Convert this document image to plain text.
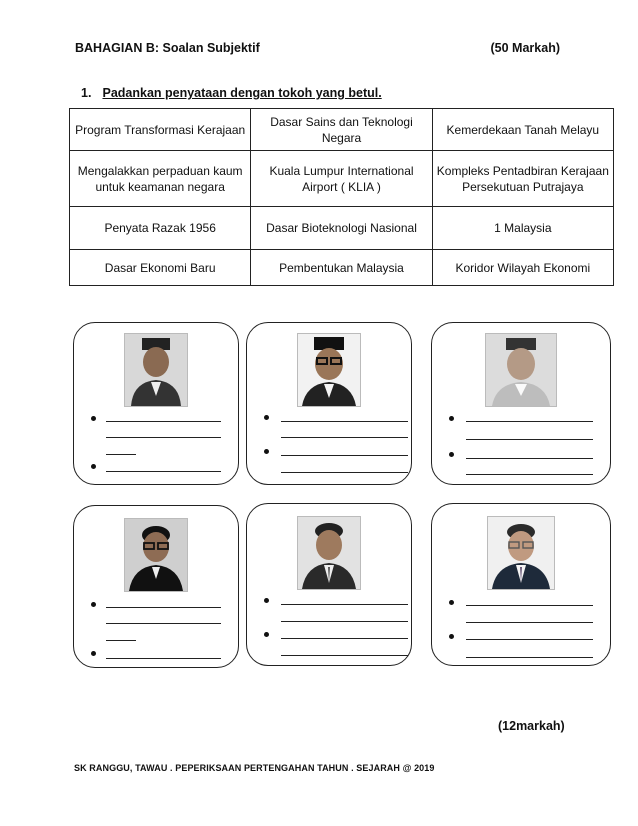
BAHAGIAN B: Soalan Subjektif	(50 Markah)
1. Padankan penyataan dengan tokoh yang betul.
Program Transformasi Kerajaan	Dasar Sains dan Teknologi Negara	Kemerdekaan Tanah Melayu
Mengalakkan perpaduan kaum untuk keamanan negara	Kuala Lumpur International Airport ( KLIA )	Kompleks Pentadbiran Kerajaan Persekutuan Putrajaya
Penyata Razak 1956	Dasar Bioteknologi Nasional	1 Malaysia
Dasar Ekonomi Baru	Pembentukan Malaysia	Koridor Wilayah Ekonomi
(12markah)
SK RANGGU, TAWAU . PEPERIKSAAN PERTENGAHAN TAHUN . SEJARAH @ 2019
